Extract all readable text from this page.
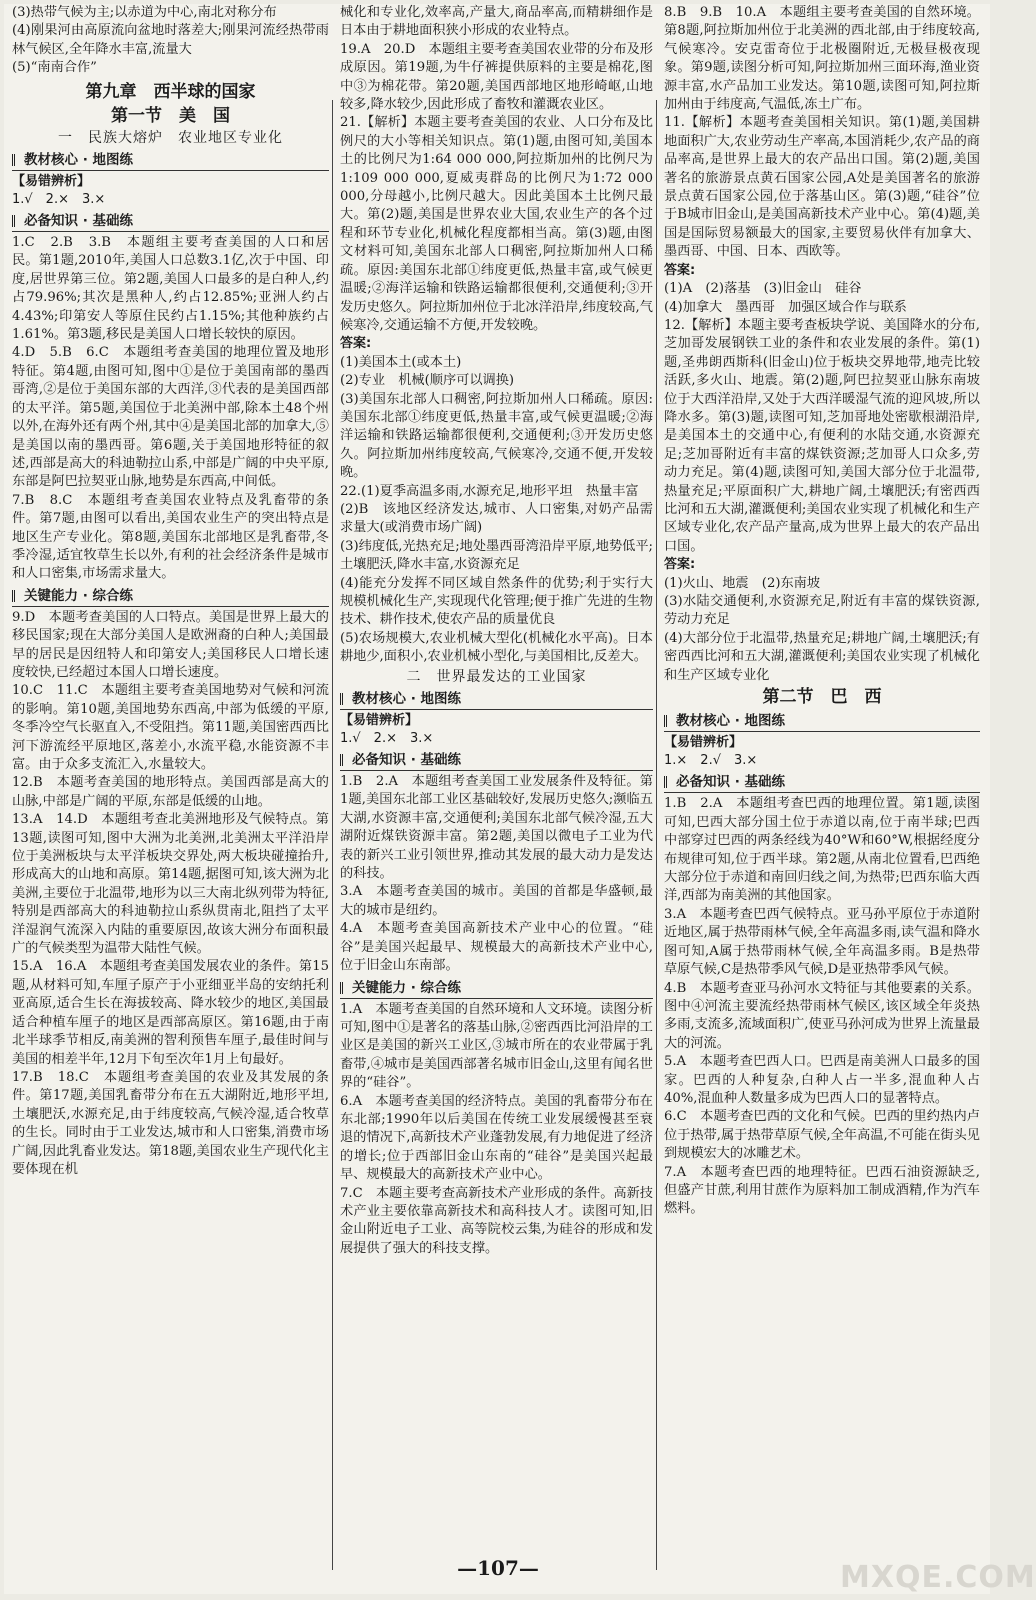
(3)热带气候为主;以赤道为中心,南北对称分布

(4)刚果河由高原流向盆地时落差大;刚果河流经热带雨林气候区,全年降水丰富,流量大

(5)“南南合作”

第九章　西半球的国家

第一节　美　国

一　民族大熔炉　农业地区专业化

教材核心 · 地图练

【易错辨析】

1.√　2.×　3.×

必备知识 · 基础练

1.C　2.B　3.B　本题组主要考查美国的人口和居民。第1题,2010年,美国人口总数3.1亿,次于中国、印度,居世界第三位。第2题,美国人口最多的是白种人,约占79.96%;其次是黑种人,约占12.85%;亚洲人约占4.43%;印第安人等原住民约占1.15%;其他种族约占1.61%。第3题,移民是美国人口增长较快的原因。

4.D　5.B　6.C　本题组考查美国的地理位置及地形特征。第4题,由图可知,图中①是位于美国南部的墨西哥湾,②是位于美国东部的大西洋,③代表的是美国西部的太平洋。第5题,美国位于北美洲中部,除本土48个州以外,在海外还有两个州,其中④是美国北部的加拿大,⑤是美国以南的墨西哥。第6题,关于美国地形特征的叙述,西部是高大的科迪勒拉山系,中部是广阔的中央平原,东部是阿巴拉契亚山脉,地势是东西高,中间低。

7.B　8.C　本题组考查美国农业特点及乳畜带的条件。第7题,由图可以看出,美国农业生产的突出特点是地区生产专业化。第8题,美国东北部地区是乳畜带,冬季冷湿,适宜牧草生长以外,有利的社会经济条件是城市和人口密集,市场需求量大。

关键能力 · 综合练

9.D　本题考查美国的人口特点。美国是世界上最大的移民国家;现在大部分美国人是欧洲裔的白种人;美国最早的居民是因纽特人和印第安人;美国移民人口增长速度较快,已经超过本国人口增长速度。

10.C　11.C　本题组主要考查美国地势对气候和河流的影响。第10题,美国地势东西高,中部为低缓的平原,冬季冷空气长驱直入,不受阻挡。第11题,美国密西西比河下游流经平原地区,落差小,水流平稳,水能资源不丰富。由于众多支流汇入,水量较大。

12.B　本题考查美国的地形特点。美国西部是高大的山脉,中部是广阔的平原,东部是低缓的山地。

13.A　14.D　本题组考查北美洲地形及气候特点。第13题,读图可知,图中大洲为北美洲,北美洲太平洋沿岸位于美洲板块与太平洋板块交界处,两大板块碰撞抬升,形成高大的山地和高原。第14题,据图可知,该大洲为北美洲,主要位于北温带,地形为以三大南北纵列带为特征,特别是西部高大的科迪勒拉山系纵贯南北,阻挡了太平洋湿润气流深入内陆的重要原因,故该大洲分布面积最广的气候类型为温带大陆性气候。

15.A　16.A　本题组考查美国发展农业的条件。第15题,从材料可知,车厘子原产于小亚细亚半岛的安纳托利亚高原,适合生长在海拔较高、降水较少的地区,美国最适合种植车厘子的地区是西部高原区。第16题,由于南北半球季节相反,南美洲的智利预售车厘子,最佳时间与美国的相差半年,12月下旬至次年1月上旬最好。

17.B　18.C　本题组考查美国的农业及其发展的条件。第17题,美国乳畜带分布在五大湖附近,地形平坦,土壤肥沃,水源充足,由于纬度较高,气候冷湿,适合牧草的生长。同时由于工业发达,城市和人口密集,消费市场广阔,因此乳畜业发达。第18题,美国农业生产现代化主要体现在机

械化和专业化,效率高,产量大,商品率高,而精耕细作是日本由于耕地面积狭小形成的农业特点。

19.A　20.D　本题组主要考查美国农业带的分布及形成原因。第19题,为牛仔裤提供原料的主要是棉花,图中③为棉花带。第20题,美国西部地区地形崎岖,山地较多,降水较少,因此形成了畜牧和灌溉农业区。

21.【解析】本题主要考查美国的农业、人口分布及比例尺的大小等相关知识点。第(1)题,由图可知,美国本土的比例尺为1:64 000 000,阿拉斯加州的比例尺为1:109 000 000,夏威夷群岛的比例尺为1:72 000 000,分母越小,比例尺越大。因此美国本土比例尺最大。第(2)题,美国是世界农业大国,农业生产的各个过程和环节专业化,机械化程度都相当高。第(3)题,由图文材料可知,美国东北部人口稠密,阿拉斯加州人口稀疏。原因:美国东北部①纬度更低,热量丰富,或气候更温暖;②海洋运输和铁路运输都很便利,交通便利;③开发历史悠久。阿拉斯加州位于北冰洋沿岸,纬度较高,气候寒冷,交通运输不方便,开发较晚。

答案:

(1)美国本土(或本土)

(2)专业　机械(顺序可以调换)

(3)美国东北部人口稠密,阿拉斯加州人口稀疏。原因:美国东北部①纬度更低,热量丰富,或气候更温暖;②海洋运输和铁路运输都很便利,交通便利;③开发历史悠久。阿拉斯加州纬度较高,气候寒冷,交通不便,开发较晚。

22.(1)夏季高温多雨,水源充足,地形平坦　热量丰富

(2)B　该地区经济发达,城市、人口密集,对奶产品需求量大(或消费市场广阔)

(3)纬度低,光热充足;地处墨西哥湾沿岸平原,地势低平;土壤肥沃,降水丰富,水资源充足

(4)能充分发挥不同区域自然条件的优势;利于实行大规模机械化生产,实现现代化管理;便于推广先进的生物技术、耕作技术,使农产品的质量优良

(5)农场规模大,农业机械大型化(机械化水平高)。日本耕地少,面积小,农业机械小型化,与美国相比,反差大。

二　世界最发达的工业国家

教材核心 · 地图练

【易错辨析】

1.√　2.×　3.×

必备知识 · 基础练

1.B　2.A　本题组考查美国工业发展条件及特征。第1题,美国东北部工业区基础较好,发展历史悠久;濒临五大湖,水资源丰富,交通便利;美国东北部气候冷湿,五大湖附近煤铁资源丰富。第2题,美国以微电子工业为代表的新兴工业引领世界,推动其发展的最大动力是发达的科技。

3.A　本题考查美国的城市。美国的首都是华盛顿,最大的城市是纽约。

4.A　本题考查美国高新技术产业中心的位置。“硅谷”是美国兴起最早、规模最大的高新技术产业中心,位于旧金山东南部。

关键能力 · 综合练

1.A　本题考查美国的自然环境和人文环境。读图分析可知,图中①是著名的落基山脉,②密西西比河沿岸的工业区是美国的新兴工业区,③城市所在的农业带属于乳畜带,④城市是美国西部著名城市旧金山,这里有闻名世界的“硅谷”。

6.A　本题考查美国的经济特点。美国的乳畜带分布在东北部;1990年以后美国在传统工业发展缓慢甚至衰退的情况下,高新技术产业蓬勃发展,有力地促进了经济的增长;位于西部旧金山东南的“硅谷”是美国兴起最早、规模最大的高新技术产业中心。

7.C　本题主要考查高新技术产业形成的条件。高新技术产业主要依靠高新技术和高科技人才。读图可知,旧金山附近电子工业、高等院校云集,为硅谷的形成和发展提供了强大的科技支撑。

8.B　9.B　10.A　本题组主要考查美国的自然环境。第8题,阿拉斯加州位于北美洲的西北部,由于纬度较高,气候寒冷。安克雷奇位于北极圈附近,无极昼极夜现象。第9题,读图分析可知,阿拉斯加州三面环海,渔业资源丰富,水产品加工业发达。第10题,读图可知,阿拉斯加州由于纬度高,气温低,冻土广布。

11.【解析】本题考查美国相关知识。第(1)题,美国耕地面积广大,农业劳动生产率高,本国消耗少,农产品的商品率高,是世界上最大的农产品出口国。第(2)题,美国著名的旅游景点黄石国家公园,A处是美国著名的旅游景点黄石国家公园,位于落基山区。第(3)题,“硅谷”位于B城市旧金山,是美国高新技术产业中心。第(4)题,美国是国际贸易额最大的国家,主要贸易伙伴有加拿大、墨西哥、中国、日本、西欧等。

答案:

(1)A　(2)落基　(3)旧金山　硅谷

(4)加拿大　墨西哥　加强区域合作与联系

12.【解析】本题主要考查板块学说、美国降水的分布,芝加哥发展钢铁工业的条件和农业发展的条件。第(1)题,圣弗朗西斯科(旧金山)位于板块交界地带,地壳比较活跃,多火山、地震。第(2)题,阿巴拉契亚山脉东南坡位于大西洋沿岸,又处于大西洋暖湿气流的迎风坡,所以降水多。第(3)题,读图可知,芝加哥地处密歇根湖沿岸,是美国本土的交通中心,有便利的水陆交通,水资源充足;芝加哥附近有丰富的煤铁资源;芝加哥人口众多,劳动力充足。第(4)题,读图可知,美国大部分位于北温带,热量充足;平原面积广大,耕地广阔,土壤肥沃;有密西西比河和五大湖,灌溉便利;美国农业实现了机械化和生产区域专业化,农产品产量高,成为世界上最大的农产品出口国。

答案:

(1)火山、地震　(2)东南坡

(3)水陆交通便利,水资源充足,附近有丰富的煤铁资源,劳动力充足

(4)大部分位于北温带,热量充足;耕地广阔,土壤肥沃;有密西西比河和五大湖,灌溉便利;美国农业实现了机械化和生产区域专业化

第二节　巴　西

教材核心 · 地图练

【易错辨析】

1.×　2.√　3.×

必备知识 · 基础练

1.B　2.A　本题组考查巴西的地理位置。第1题,读图可知,巴西大部分国土位于赤道以南,位于南半球;巴西中部穿过巴西的两条经线为40°W和60°W,根据经度分布规律可知,位于西半球。第2题,从南北位置看,巴西绝大部分位于赤道和南回归线之间,为热带;巴西东临大西洋,西部为南美洲的其他国家。

3.A　本题考查巴西气候特点。亚马孙平原位于赤道附近地区,属于热带雨林气候,全年高温多雨,读气温和降水图可知,A属于热带雨林气候,全年高温多雨。B是热带草原气候,C是热带季风气候,D是亚热带季风气候。

4.B　本题考查亚马孙河水文特征与其他要素的关系。图中④河流主要流经热带雨林气候区,该区域全年炎热多雨,支流多,流域面积广,使亚马孙河成为世界上流量最大的河流。

5.A　本题考查巴西人口。巴西是南美洲人口最多的国家。巴西的人种复杂,白种人占一半多,混血种人占40%,混血种人数量多成为巴西人口的显著特点。

6.C　本题考查巴西的文化和气候。巴西的里约热内卢位于热带,属于热带草原气候,全年高温,不可能在街头见到规模宏大的冰雕艺术。

7.A　本题考查巴西的地理特征。巴西石油资源缺乏,但盛产甘蔗,利用甘蔗作为原料加工制成酒精,作为汽车燃料。

—107—	MXQE.COM
